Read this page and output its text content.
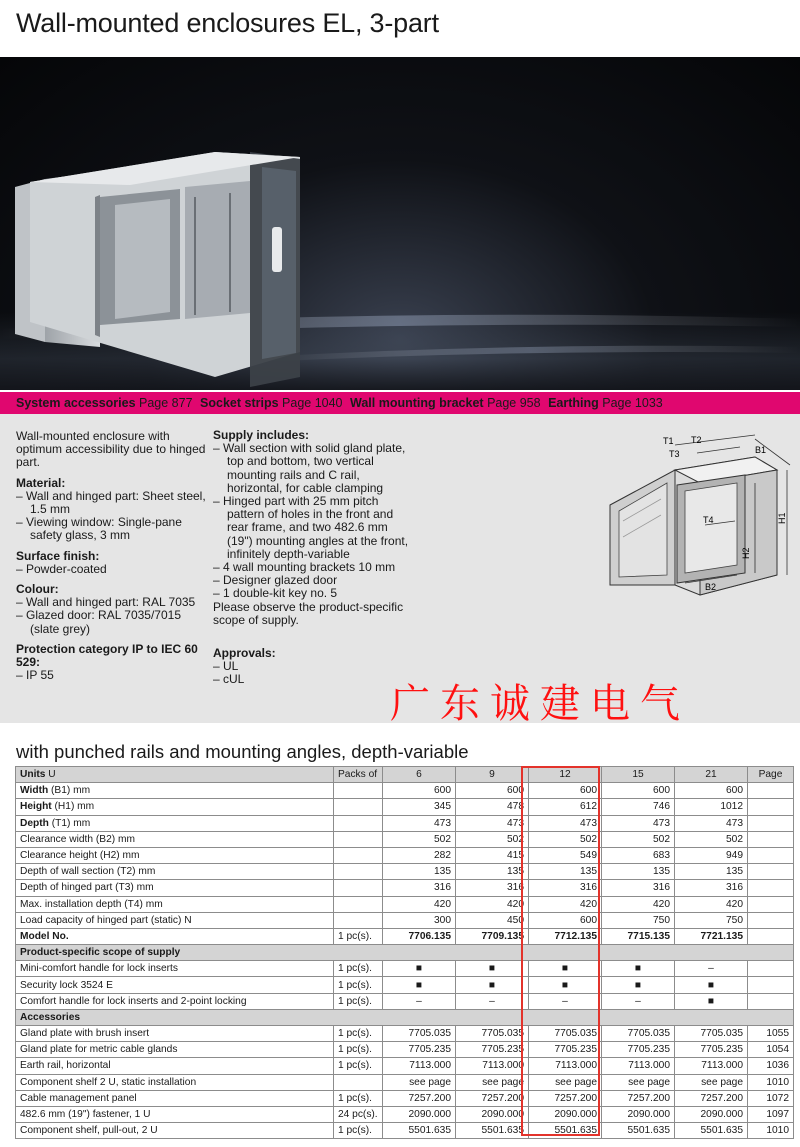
Wall-mounted enclosures EL, 3-part
System accessories Page 877 Socket strips Page 1040 Wall mounting bracket Page 958 Earthing Page 1033

Wall-mounted enclosure with optimum accessibility due to hinged part.

Material:

– Wall and hinged part: Sheet steel, 1.5 mm

– Viewing window: Single-pane safety glass, 3 mm

Surface finish:

– Powder-coated

Colour:

– Wall and hinged part: RAL 7035

– Glazed door: RAL 7035/7015 (slate grey)

Protection category IP to IEC 60 529:

– IP 55

Supply includes:

– Wall section with solid gland plate, top and bottom, two vertical mounting rails and C rail, horizontal, for cable clamping

– Hinged part with 25 mm pitch pattern of holes in the front and rear frame, and two 482.6 mm (19") mounting angles at the front, infinitely depth-variable

– 4 wall mounting brackets 10 mm

– Designer glazed door

– 1 double-kit key no. 5

Please observe the product-specific scope of supply.

Approvals:

– UL

– cUL

T1 T2
T3
T4
B1
B2
H1
H2
广东诚建电气
with punched rails and mounting angles, depth-variable
Units U	Packs of	6	9	12	15	21	Page
Width (B1) mm		600	600	600	600	600	
Height (H1) mm		345	478	612	746	1012	
Depth (T1) mm		473	473	473	473	473	
Clearance width (B2) mm		502	502	502	502	502	
Clearance height (H2) mm		282	415	549	683	949	
Depth of wall section (T2) mm		135	135	135	135	135	
Depth of hinged part (T3) mm		316	316	316	316	316	
Max. installation depth (T4) mm		420	420	420	420	420	
Load capacity of hinged part (static) N		300	450	600	750	750	
Model No.	1 pc(s).	7706.135	7709.135	7712.135	7715.135	7721.135	
Product-specific scope of supply							
Mini-comfort handle for lock inserts	1 pc(s).	■	■	■	■	–	
Security lock 3524 E	1 pc(s).	■	■	■	■	■	
Comfort handle for lock inserts and 2-point locking	1 pc(s).	–	–	–	–	■	
Accessories							
Gland plate with brush insert	1 pc(s).	7705.035	7705.035	7705.035	7705.035	7705.035	1055
Gland plate for metric cable glands	1 pc(s).	7705.235	7705.235	7705.235	7705.235	7705.235	1054
Earth rail, horizontal	1 pc(s).	7113.000	7113.000	7113.000	7113.000	7113.000	1036
Component shelf 2 U, static installation		see page	see page	see page	see page	see page	1010
Cable management panel	1 pc(s).	7257.200	7257.200	7257.200	7257.200	7257.200	1072
482.6 mm (19") fastener, 1 U	24 pc(s).	2090.000	2090.000	2090.000	2090.000	2090.000	1097
Component shelf, pull-out, 2 U	1 pc(s).	5501.635	5501.635	5501.635	5501.635	5501.635	1010
